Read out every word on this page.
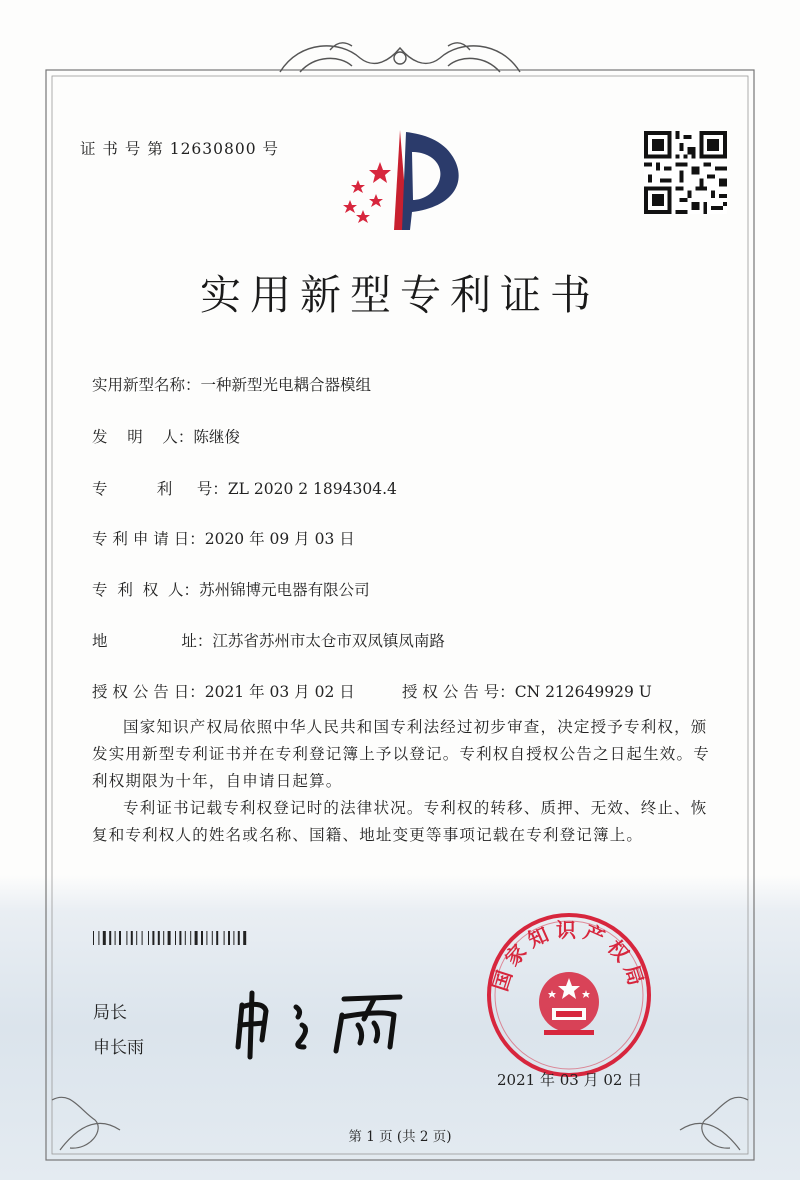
证 书 号 第 12630800 号
实用新型专利证书
实用新型名称：一种新型光电耦合器模组
发    明    人：陈继俊
专          利     号：ZL 2020 2 1894304.4
专 利 申 请 日：2020 年 09 月 03 日
专  利  权  人：苏州锦博元电器有限公司
地               址：江苏省苏州市太仓市双凤镇凤南路
授 权 公 告 日：2021 年 03 月 02 日	授 权 公 告 号：CN 212649929 U
国家知识产权局依照中华人民共和国专利法经过初步审查，决定授予专利权，颁发实用新型专利证书并在专利登记簿上予以登记。专利权自授权公告之日起生效。专利权期限为十年，自申请日起算。
专利证书记载专利权登记时的法律状况。专利权的转移、质押、无效、终止、恢复和专利权人的姓名或名称、国籍、地址变更等事项记载在专利登记簿上。
局长
申长雨
国家知识产权局
2021 年 03 月 02 日
第 1 页 (共 2 页)
